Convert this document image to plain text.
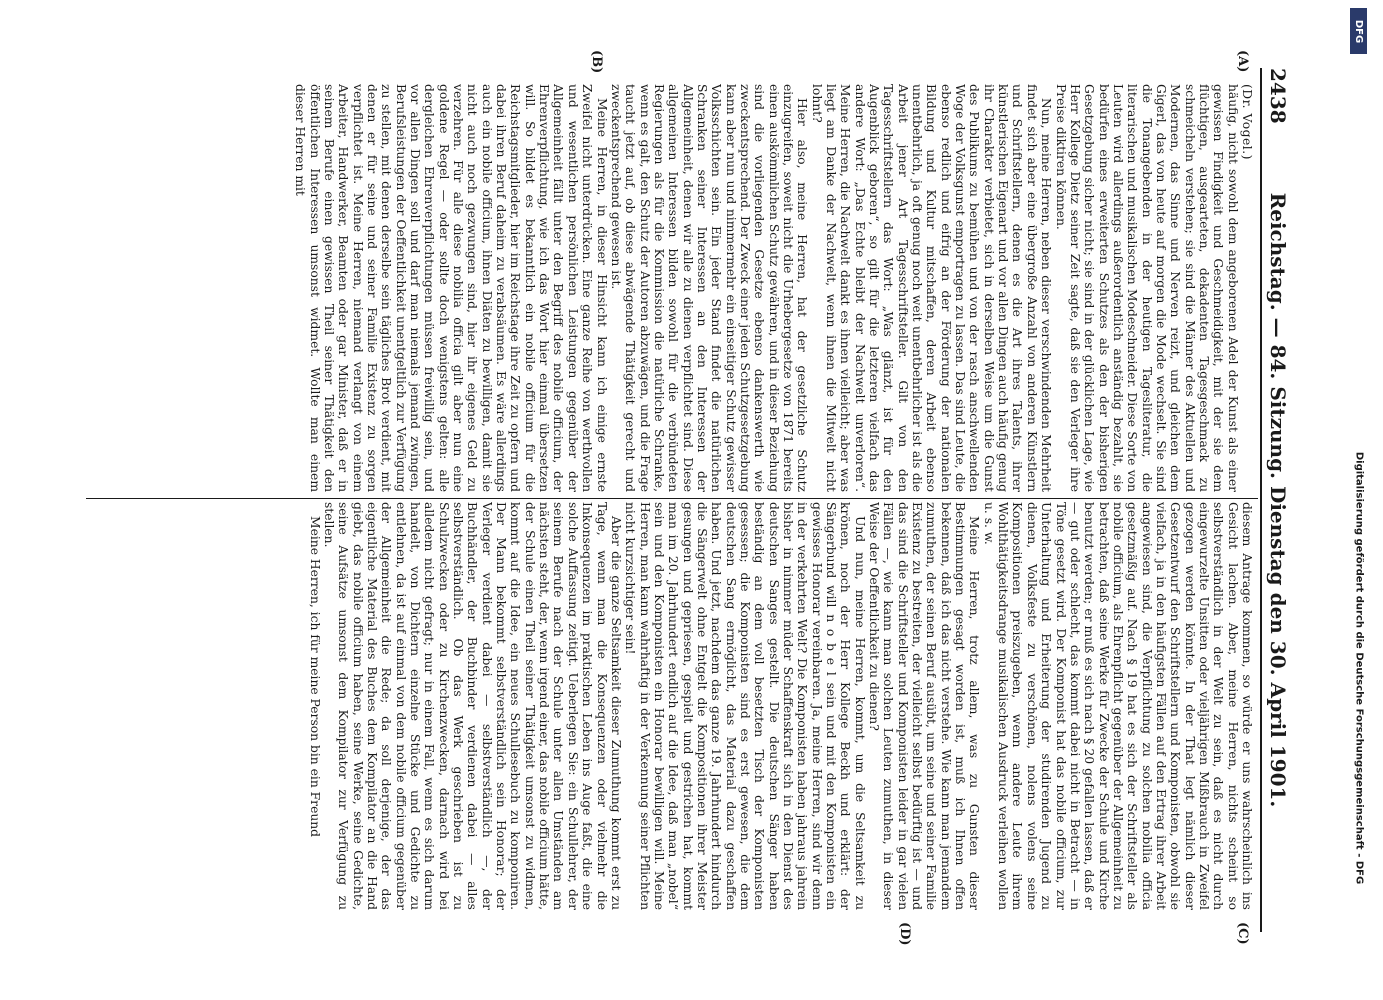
2438
Reichstag. — 84. Sitzung. Dienstag den 30. April 1901.
(A)
(B)
(C)
(D)

(Dr. Vogel.)

häufig, nicht sowohl dem angeborenen Adel der Kunst als einer gewissen Findigkeit und Geschmeidigkeit, mit der sie dem flüchtigen, ausgearteten, dekadenten Tagesgeschmack zu schmeicheln verstehen; sie sind die Männer des Aktuellen und Modernen, das Sinne und Nerven reizt, und gleichen dem Gigerl, das von heute auf morgen die Mode wechselt. Sie sind die Tonangebenden in der heutigen Tagesliteratur, die literarischen und musikalischen Modeschneider. Diese Sorte von Leuten wird allerdings außerordentlich anständig bezahlt, sie bedürfen eines erweiterten Schutzes als den der bisherigen Gesetzgebung sicher nicht; sie sind in der glücklichen Lage, wie Herr Kollege Dietz seiner Zeit sagte, daß sie den Verleger ihre Preise diktiren können.

Nun, meine Herren, neben dieser verschwindenden Mehrheit findet sich aber eine übergroße Anzahl von anderen Künstlern und Schriftstellern, denen es die Art ihres Talents, ihrer künstlerischen Eigenart und vor allen Dingen auch häufig genug ihr Charakter verbietet, sich in derselben Weise um die Gunst des Publikums zu bemühen und von der rasch anschwellenden Woge der Volksgunst emportragen zu lassen. Das sind Leute, die ebenso redlich und eifrig an der Förderung der nationalen Bildung und Kultur mitschaffen, deren Arbeit ebenso unentbehrlich, ja oft genug noch weit unentbehrlicher ist als die Arbeit jener Art Tagesschriftsteller. Gilt von den Tagesschriftstellern das Wort: „Was glänzt, ist für den Augenblick geboren“, so gilt für die letzteren vielfach das andere Wort: „Das Echte bleibt der Nachwelt unverloren“. Meine Herren, die Nachwelt dankt es ihnen vielleicht; aber was liegt am Danke der Nachwelt, wenn ihnen die Mitwelt nicht lohnt?

Hier also, meine Herren, hat der gesetzliche Schutz einzugreifen, soweit nicht die Urhebergesetze von 1871 bereits einen auskömmlichen Schutz gewähren, und in dieser Beziehung sind die vorliegenden Gesetze ebenso dankenswerth wie zweckentsprechend. Der Zweck einer jeden Schutzgesetzgebung kann aber nun und nimmermehr ein einseitiger Schutz gewisser Volksschichten sein. Ein jeder Stand findet die natürlichen Schranken seiner Interessen an den Interessen der Allgemeinheit, denen wir alle zu dienen verpflichtet sind. Diese allgemeinen Interessen bilden sowohl für die verbündeten Regierungen als für die Kommission die natürliche Schranke, wenn es galt, den Schutz der Autoren abzuwägen, und die Frage taucht jetzt auf, ob diese abwägende Thätigkeit gerecht und zweckentsprechend gewesen ist.

Meine Herren, in dieser Hinsicht kann ich einige ernste Zweifel nicht unterdrücken. Eine ganze Reihe von werthvollen und wesentlichen persönlichen Leistungen gegenüber der Allgemeinheit fällt unter den Begriff des nobile officium, der Ehrenverpflichtung, wie ich das Wort hier einmal übersetzen will. So bildet es bekanntlich ein nobile officium für die Reichstagsmitglieder, hier im Reichstage ihre Zeit zu opfern und dabei ihren Beruf daheim zu verabsäumen. Es wäre allerdings auch ein nobile officium, ihnen Diäten zu bewilligen, damit sie nicht auch noch gezwungen sind, hier ihr eigenes Geld zu verzehren. Für alle diese nobilia officia gilt aber nun eine goldene Regel — oder sollte doch wenigstens gelten: alle dergleichen Ehrenverpflichtungen müssen freiwillig sein, und vor allen Dingen soll und darf man niemals jemand zwingen, Berufsleistungen der Oeffentlichkeit unentgeltlich zur Verfügung zu stellen, mit denen derselbe sein tägliches Brot verdient, mit denen er für seine und seiner Familie Existenz zu sorgen verpflichtet ist. Meine Herren, niemand verlangt von einem Arbeiter, Handwerker, Beamten oder gar Minister, daß er in seinem Berufe einen gewissen Theil seiner Thätigkeit den öffentlichen Interessen umsonst widmet. Wollte man einem dieser Herren mit

diesem Antrage kommen, so würde er uns wahrscheinlich ins Gesicht lachen. Aber, meine Herren, nichts scheint so selbstverständlich in der Welt zu sein, daß es nicht durch eingewurzelte Unsitten oder vieljährigen Mißbrauch in Zweifel gezogen werden könnte. In der That legt nämlich dieser Gesetzentwurf den Schriftstellern und Komponisten, obwohl sie vielfach, ja in den häufigsten Fällen auf den Ertrag ihrer Arbeit angewiesen sind, die Verpflichtung zu solchen nobilia officia gesetzmäßig auf. Nach § 19 hat es sich der Schriftsteller als nobile officium, als Ehrenpflicht gegenüber der Allgemeinheit zu betrachten, daß seine Werke für Zwecke der Schule und Kirche benutzt werden; er muß es sich nach § 20 gefallen lassen, daß er — gut oder schlecht, das kommt dabei nicht in Betracht — in Töne gesetzt wird. Der Komponist hat das nobile officium, zur Unterhaltung und Erheiterung der studirenden Jugend zu dienen, Volksfeste zu verschönen, nolens volens seine Kompositionen preiszugeben, wenn andere Leute ihrem Wohlthätigkeitsdrange musikalischen Ausdruck verleihen wollen u. s. w.

Meine Herren, trotz allem, was zu Gunsten dieser Bestimmungen gesagt worden ist, muß ich Ihnen offen bekennen, daß ich das nicht verstehe. Wie kann man jemandem zumuthen, der seinen Beruf ausübt, um seine und seiner Familie Existenz zu bestreiten, der vielleicht selbst bedürftig ist — und das sind die Schriftsteller und Komponisten leider in gar vielen Fällen —, wie kann man solchen Leuten zumuthen, in dieser Weise der Oeffentlichkeit zu dienen?

Und nun, meine Herren, kommt, um die Seltsamkeit zu krönen, noch der Herr Kollege Beckh und erklärt: der Sängerbund will n o b e l sein und mit den Komponisten ein gewisses Honorar vereinbaren. Ja, meine Herren, sind wir denn in der verkehrten Welt? Die Komponisten haben jahraus jahrein bisher in nimmer müder Schaffenskraft sich in den Dienst des deutschen Sanges gestellt. Die deutschen Sänger haben beständig an dem voll besetzten Tisch der Komponisten gesessen; die Komponisten sind es erst gewesen, die dem deutschen Sang ermöglicht, das Material dazu geschaffen haben. Und jetzt, nachdem das ganze 19. Jahrhundert hindurch die Sängerwelt ohne Entgelt die Kompositionen ihrer Meister gesungen und gepriesen, gespielt und gestrichen hat, kommt man im 20. Jahrhundert endlich auf die Idee, daß man „nobel“ sein und den Komponisten ein Honorar bewilligen will. Meine Herren, man kann wahrhaftig in der Verkennung seiner Pflichten nicht kurzsichtiger sein!

Aber die ganze Seltsamkeit dieser Zumuthung kommt erst zu Tage, wenn man die Konsequenzen oder vielmehr die Inkonsequenzen im praktischen Leben ins Auge faßt, die eine solche Auffassung zeitigt. Ueberlegen Sie: ein Schullehrer, der seinem Berufe nach der Schule unter allen Umständen am nächsten steht, der, wenn irgend einer, das nobile officium hätte, der Schule einen Theil seiner Thätigkeit umsonst zu widmen, kommt auf die Idee, ein neues Schullesebuch zu komponiren. Der Mann bekommt selbstverständlich sein Honorar; der Verleger verdient dabei — selbstverständlich —, der Buchhändler, der Buchbinder verdienen dabei — alles selbstverständlich. Ob das Werk geschrieben ist zu Schulzwecken oder zu Kirchenzwecken, darnach wird bei alledem nicht gefragt; nur in einem Fall, wenn es sich darum handelt, von Dichtern einzelne Stücke und Gedichte zu entlehnen, da ist auf einmal von dem nobile officium gegenüber der Allgemeinheit die Rede; da soll derjenige, der das eigentliche Material des Buches dem Kompilator an die Hand giebt, das nobile officium haben, seine Werke, seine Gedichte, seine Aufsätze umsonst dem Kompilator zur Verfügung zu stellen.

Meine Herren, ich für meine Person bin ein Freund

DFG
Digitalisierung gefördert durch die Deutsche Forschungsgemeinschaft - DFG
